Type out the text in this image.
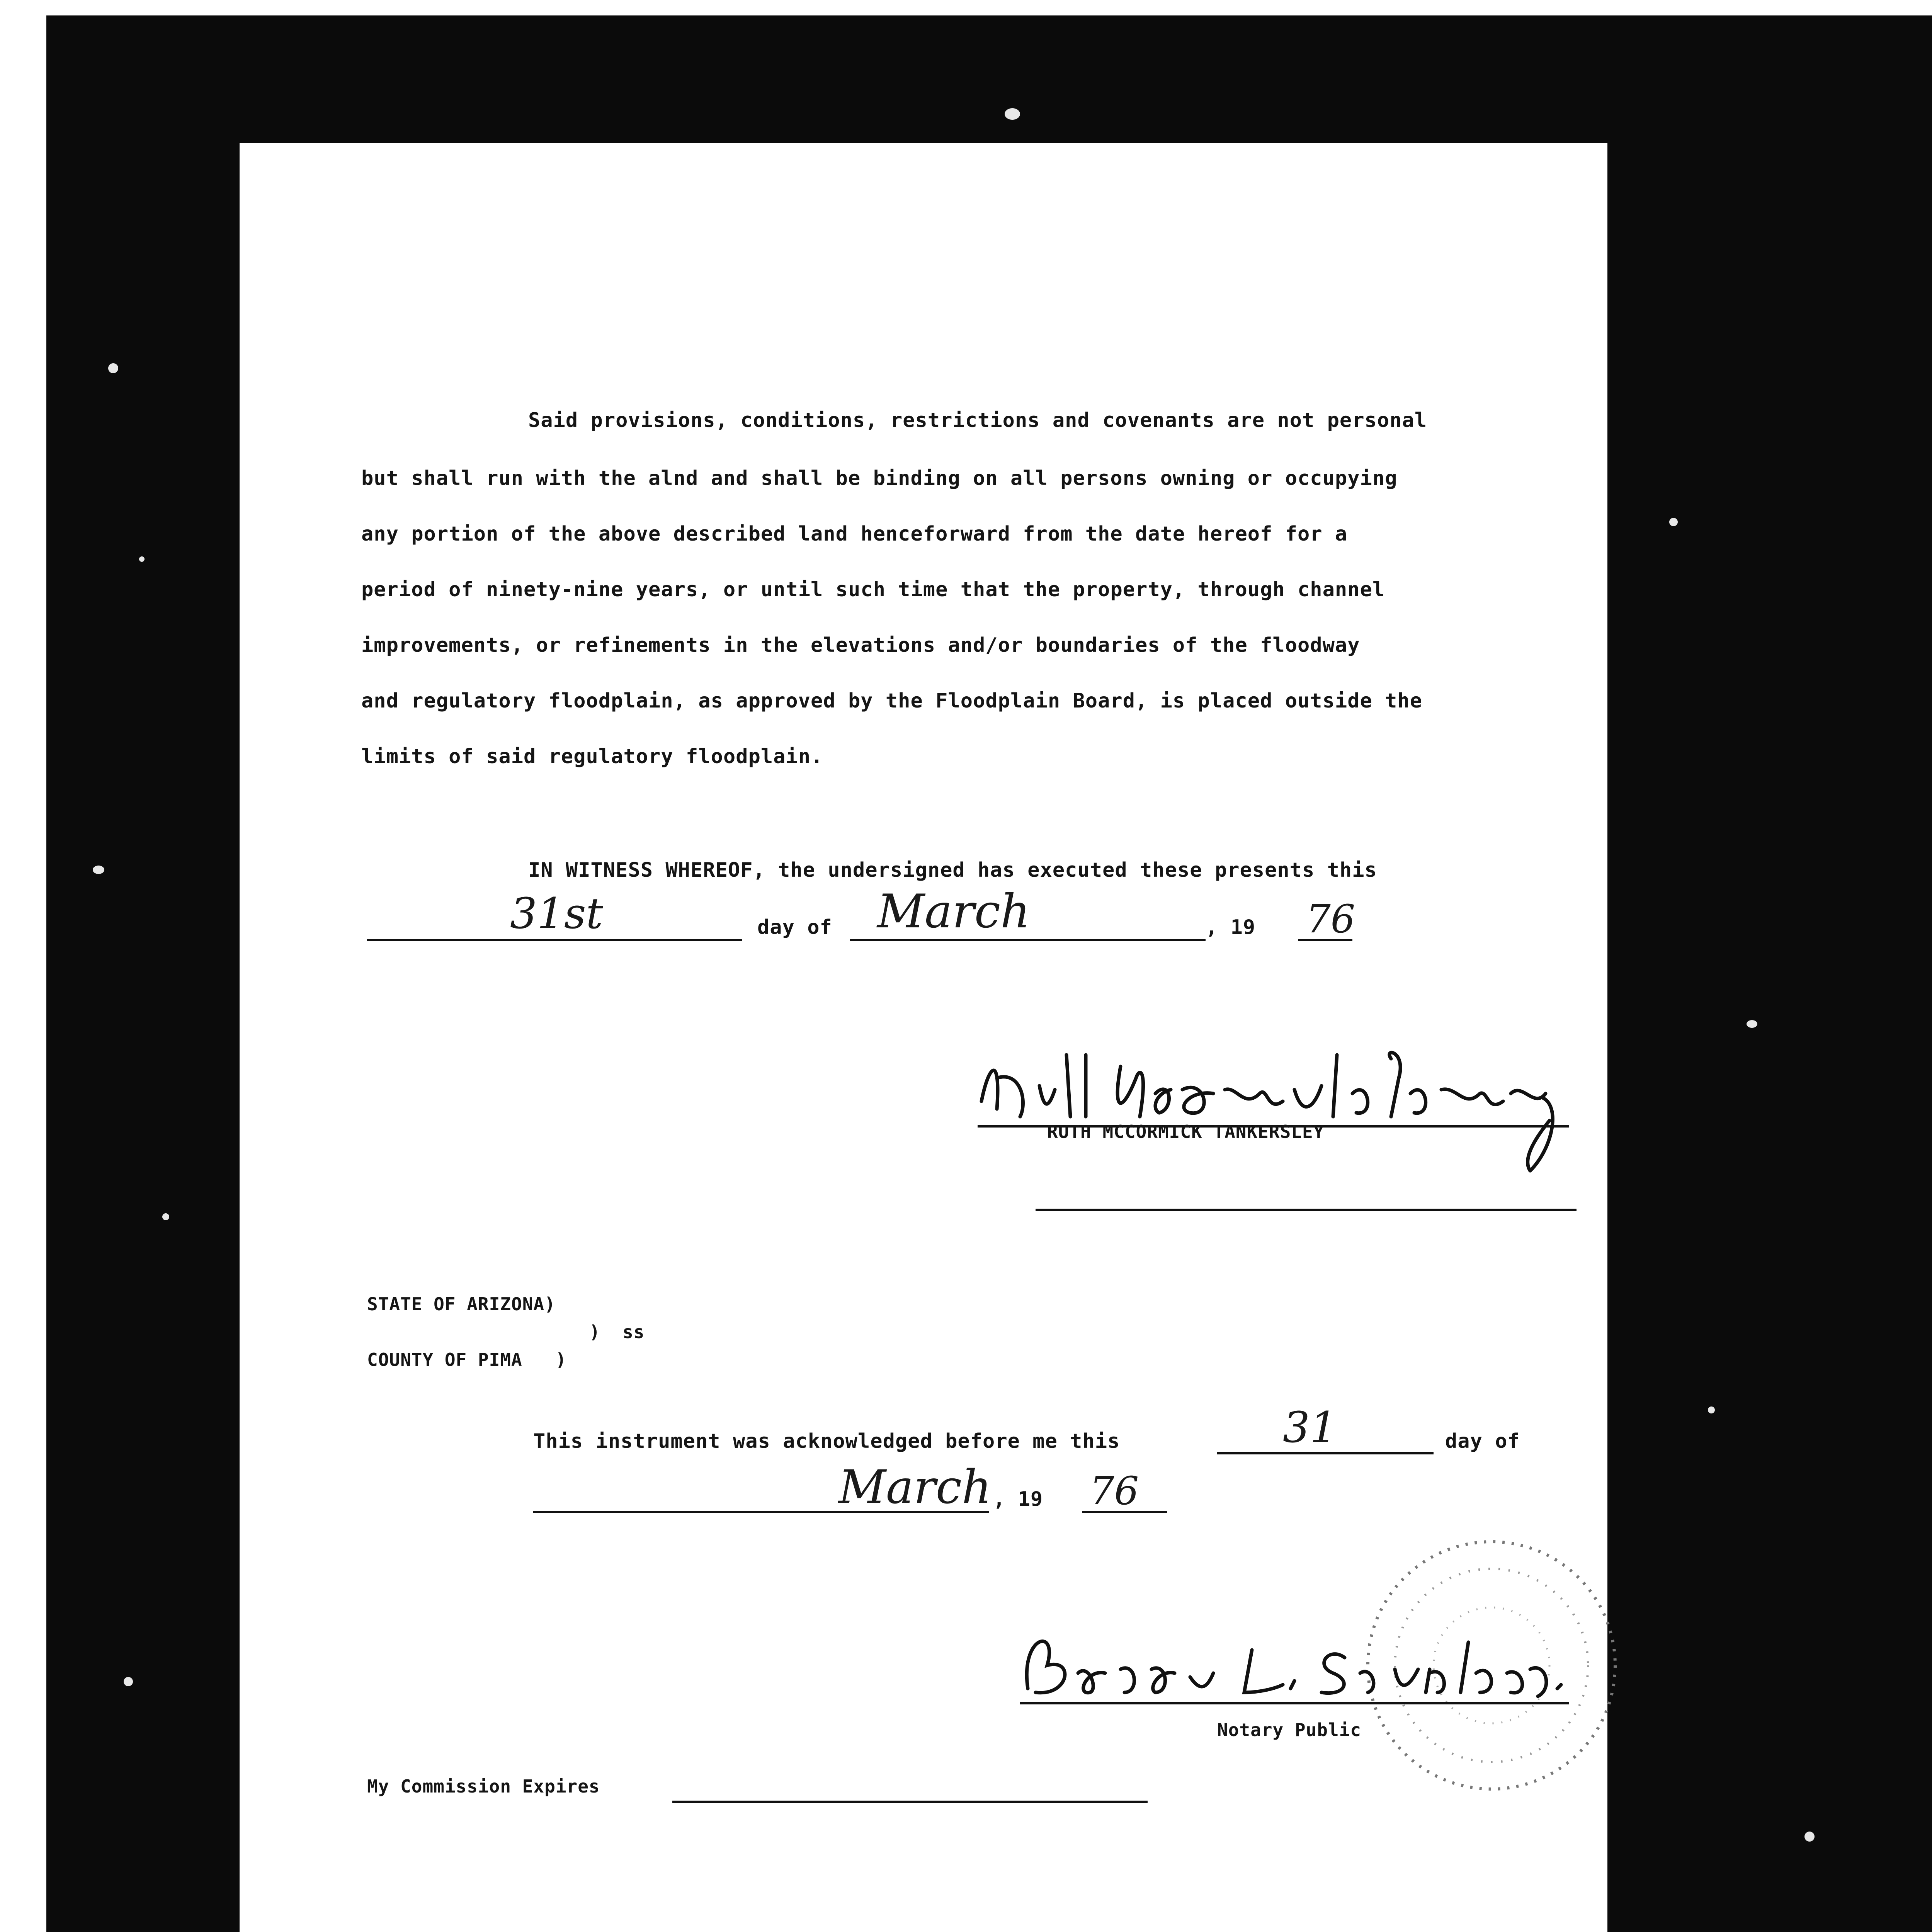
Said provisions, conditions, restrictions and covenants are not personal
but shall run with the alnd and shall be binding on all persons owning or occupying
any portion of the above described land henceforward from the date hereof for a
period of ninety-nine years, or until such time that the property, through channel
improvements, or refinements in the elevations and/or boundaries of the floodway
and regulatory floodplain, as approved by the Floodplain Board, is placed outside the
limits of said regulatory floodplain.
IN WITNESS WHEREOF, the undersigned has executed these presents this
31st	day of March	, 19 76
RUTH MCCORMICK TANKERSLEY
STATE OF ARIZONA)
)  ss
COUNTY OF PIMA   )
This instrument was acknowledged before me this	31	day of
March , 19 76
Notary Public
My Commission Expires
